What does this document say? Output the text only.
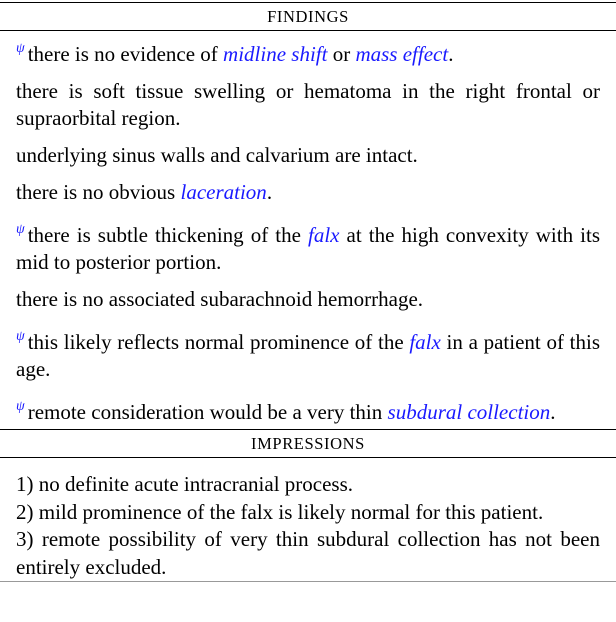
FINDINGS
$^\psi$ there is no evidence of midline shift or mass effect.
there is soft tissue swelling or hematoma in the right frontal or supraorbital region.
underlying sinus walls and calvarium are intact.
there is no obvious laceration.
$^\psi$ there is subtle thickening of the falx at the high convexity with its mid to posterior portion.
there is no associated subarachnoid hemorrhage.
$^\psi$ this likely reflects normal prominence of the falx in a patient of this age.
$^\psi$ remote consideration would be a very thin subdural collection.
IMPRESSIONS
1) no definite acute intracranial process.
2) mild prominence of the falx is likely normal for this patient.
3) remote possibility of very thin subdural collection has not been entirely excluded.
